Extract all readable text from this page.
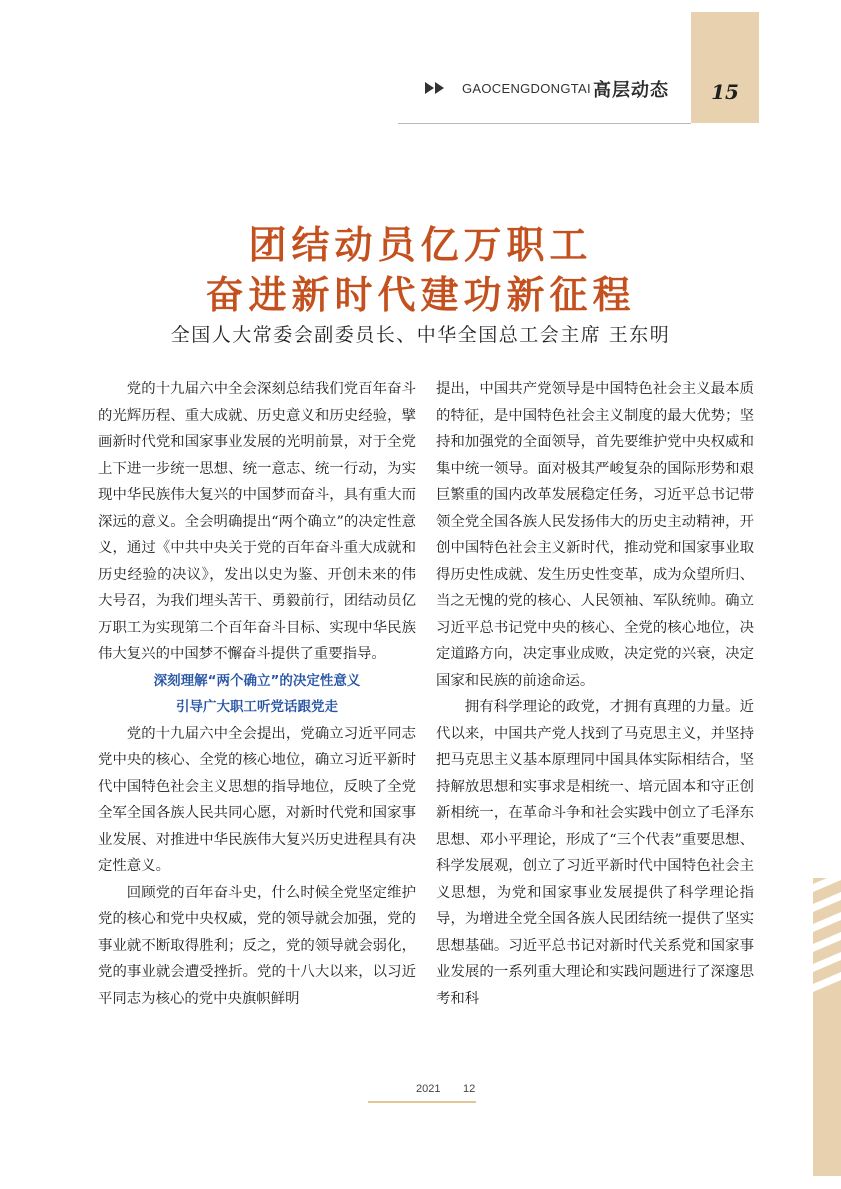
GAOCENGDONGTAI 高层动态	15
团结动员亿万职工
奋进新时代建功新征程
全国人大常委会副委员长、中华全国总工会主席 王东明

党的十九届六中全会深刻总结我们党百年奋斗的光辉历程、重大成就、历史意义和历史经验，擘画新时代党和国家事业发展的光明前景，对于全党上下进一步统一思想、统一意志、统一行动，为实现中华民族伟大复兴的中国梦而奋斗，具有重大而深远的意义。全会明确提出“两个确立”的决定性意义，通过《中共中央关于党的百年奋斗重大成就和历史经验的决议》，发出以史为鉴、开创未来的伟大号召，为我们埋头苦干、勇毅前行，团结动员亿万职工为实现第二个百年奋斗目标、实现中华民族伟大复兴的中国梦不懈奋斗提供了重要指导。

深刻理解“两个确立”的决定性意义
引导广大职工听党话跟党走

党的十九届六中全会提出，党确立习近平同志党中央的核心、全党的核心地位，确立习近平新时代中国特色社会主义思想的指导地位，反映了全党全军全国各族人民共同心愿，对新时代党和国家事业发展、对推进中华民族伟大复兴历史进程具有决定性意义。

回顾党的百年奋斗史，什么时候全党坚定维护党的核心和党中央权威，党的领导就会加强，党的事业就不断取得胜利；反之，党的领导就会弱化，党的事业就会遭受挫折。党的十八大以来，以习近平同志为核心的党中央旗帜鲜明

提出，中国共产党领导是中国特色社会主义最本质的特征，是中国特色社会主义制度的最大优势；坚持和加强党的全面领导，首先要维护党中央权威和集中统一领导。面对极其严峻复杂的国际形势和艰巨繁重的国内改革发展稳定任务，习近平总书记带领全党全国各族人民发扬伟大的历史主动精神，开创中国特色社会主义新时代，推动党和国家事业取得历史性成就、发生历史性变革，成为众望所归、当之无愧的党的核心、人民领袖、军队统帅。确立习近平总书记党中央的核心、全党的核心地位，决定道路方向，决定事业成败，决定党的兴衰，决定国家和民族的前途命运。

拥有科学理论的政党，才拥有真理的力量。近代以来，中国共产党人找到了马克思主义，并坚持把马克思主义基本原理同中国具体实际相结合，坚持解放思想和实事求是相统一、培元固本和守正创新相统一，在革命斗争和社会实践中创立了毛泽东思想、邓小平理论，形成了“三个代表”重要思想、科学发展观，创立了习近平新时代中国特色社会主义思想，为党和国家事业发展提供了科学理论指导，为增进全党全国各族人民团结统一提供了坚实思想基础。习近平总书记对新时代关系党和国家事业发展的一系列重大理论和实践问题进行了深邃思考和科

2021 12
